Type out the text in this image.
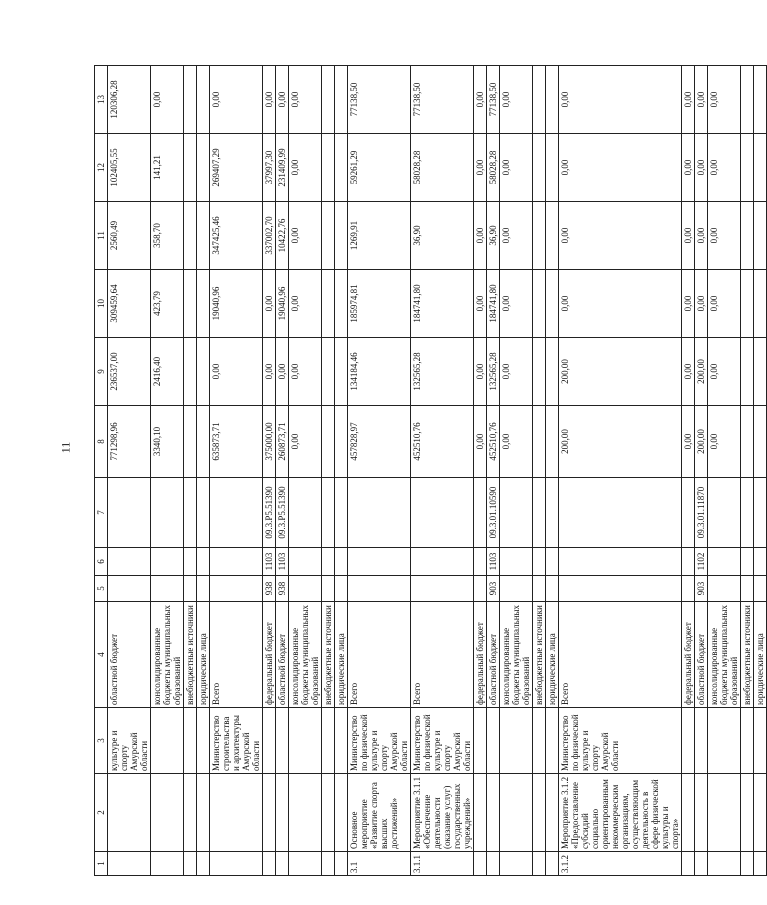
11
1	2	3	4	5	6	7	8	9	10	11	12	13
		культуре и спорту Амурской области	областной бюджет				771298,96	236537,00	309459,64	2560,49	102405,55	120306,28
			консолидированные бюджеты муниципальных образований				3340,10	2416,40	423,79	358,70	141,21	0,00
			внебюджетные источники									
			юридические лица									
		Министерство строительства и архитектуры Амурской области	Всего				635873,71	0,00	19040,96	347425,46	269407,29	0,00
			федеральный бюджет	938	1103	09.3.P5.51390	375000,00	0,00	0,00	337002,70	37997,30	0,00
			областной бюджет	938	1103	09.3.P5.51390	260873,71	0,00	19040,96	10422,76	231409,99	0,00
			консолидированные бюджеты муниципальных образований				0,00	0,00	0,00	0,00	0,00	0,00
			внебюджетные источники									
			юридические лица									
3.1	Основное мероприятие «Развитие спорта высших достижений»	Министерство по физической культуре и спорту Амурской области	Всего				457828,97	134184,46	185974,81	1269,91	59261,29	77138,50
3.1.1	Мероприятие 3.1.1 «Обеспечение деятельности (оказание услуг) государственных учреждений»	Министерство по физической культуре и спорту Амурской области	Всего				452510,76	132565,28	184741,80	36,90	58028,28	77138,50
			федеральный бюджет				0,00	0,00	0,00	0,00	0,00	0,00
			областной бюджет	903	1103	09.3.01.10590	452510,76	132565,28	184741,80	36,90	58028,28	77138,50
			консолидированные бюджеты муниципальных образований				0,00	0,00	0,00	0,00	0,00	0,00
			внебюджетные источники									
			юридические лица									
3.1.2	Мероприятие 3.1.2 «Предоставление субсидий социально ориентированным некоммерческим организациям, осуществляющим деятельность в сфере физической культуры и спорта»	Министерство по физической культуре и спорту Амурской области	Всего				200,00	200,00	0,00	0,00	0,00	0,00
			федеральный бюджет				0,00	0,00	0,00	0,00	0,00	0,00
			областной бюджет	903	1102	09.3.01.11870	200,00	200,00	0,00	0,00	0,00	0,00
			консолидированные бюджеты муниципальных образований				0,00	0,00	0,00	0,00	0,00	0,00
			внебюджетные источники									
			юридические лица									
